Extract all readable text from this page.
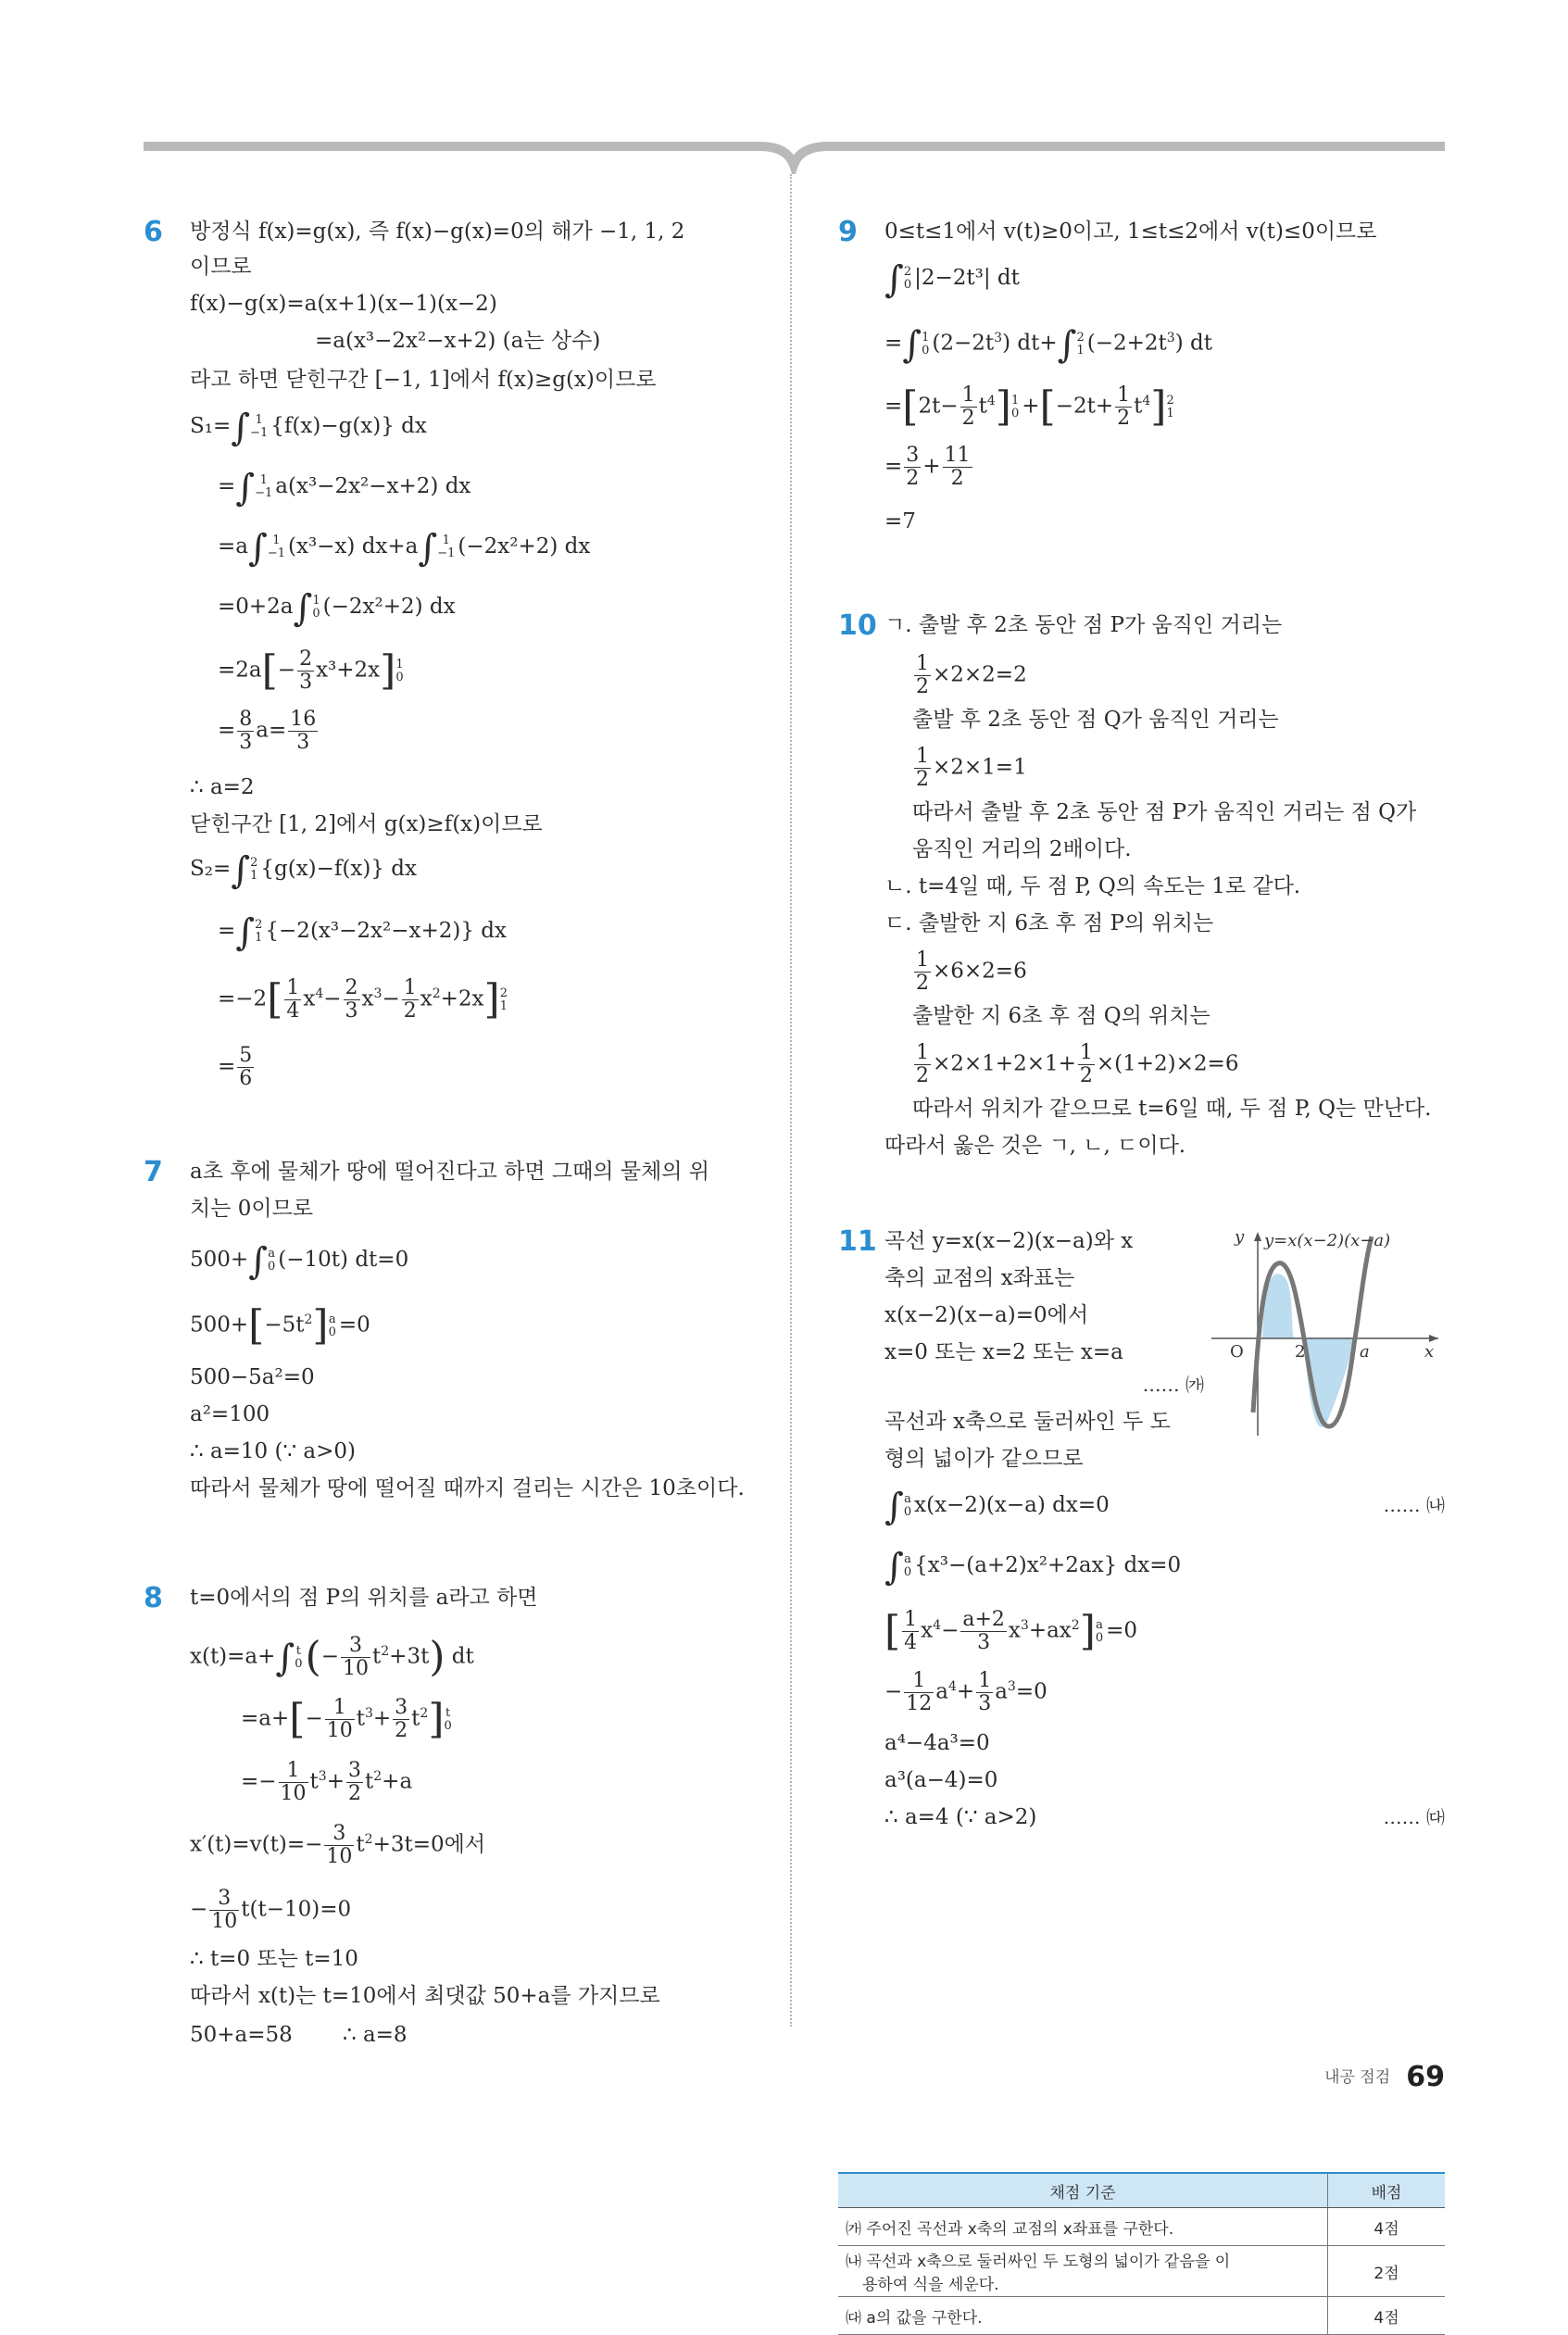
6 방정식 f(x)=g(x), 즉 f(x)−g(x)=0의 해가 −1, 1, 2
이므로
f(x)−g(x)=a(x+1)(x−1)(x−2)
=a(x³−2x²−x+2) (a는 상수)
라고 하면 닫힌구간 [−1, 1]에서 f(x)≥g(x)이므로
S₁=∫ 1
−1 {f(x)−g(x)} dx
=∫ 1
−1 a(x³−2x²−x+2) dx
=a∫ 1
−1 (x³−x) dx+a∫ 1
−1 (−2x²+2) dx
=0+2a∫1
0 (−2x²+2) dx
$=2a[- \frac{2}{3} x^3+2x]1$
0
= $\frac{8}{3} a= \frac{16}{3}$
∴ a=2
닫힌구간 [1, 2]에서 g(x)≥f(x)이므로
S₂=∫2
1 {g(x)−f(x)} dx
=∫2
1 {−2(x³−2x²−x+2)} dx
$=-2[ \frac{1}{4} x^4- \frac{2}{3} x^3- \frac{1}{2} x^2+2x]2$
1
= $\frac{5}{6}$
7 a초 후에 물체가 땅에 떨어진다고 하면 그때의 물체의 위
치는 0이므로
500+∫a
0 (−10t) dt=0
$500+[-5t^2]a$
0 =0
500−5a²=0
a²=100
∴ a=10 (∵ a>0)
따라서 물체가 땅에 떨어질 때까지 걸리는 시간은 10초이다.
8 t=0에서의 점 P의 위치를 a라고 하면
x(t)=a+∫ t
$0(- \frac{3}{10} t^2+3t)$ dt
$=a+[- \frac{1}{10} t^3+ \frac{3}{2} t^2]$ t
0
=− $\frac{1}{10} t^3+ \frac{3}{2} t^2+a$
$x'(t)=v(t)=- \frac{3}{10} t^2+3t=0$에서
− $\frac{3}{10} t(t-10)=0$
∴ t=0 또는 t=10
따라서 x(t)는 t=10에서 최댓값 50+a를 가지므로
50+a=58 ∴ a=8
9 0≤t≤1에서 v(t)≥0이고, 1≤t≤2에서 v(t)≤0이므로
∫2
0 |2−2t³| dt
=∫1
0 $(2-2t^3)$ dt+∫2
1 $(-2+2t^3)$ dt
$=[2t- \frac{1}{2} t^4]1$
$0 +[-2t+ \frac{1}{2} t^4]2$
1
= $\frac{3}{2} + \frac{11}{2}$
=7
10 ㄱ. 출발 후 2초 동안 점 P가 움직인 거리는
$\frac{1}{2} \times 2\times 2=2$
출발 후 2초 동안 점 Q가 움직인 거리는
$\frac{1}{2} \times 2\times 1=1$
따라서 출발 후 2초 동안 점 P가 움직인 거리는 점 Q가
움직인 거리의 2배이다.
ㄴ. t=4일 때, 두 점 P, Q의 속도는 1로 같다.
ㄷ. 출발한 지 6초 후 점 P의 위치는
$\frac{1}{2} \times 6\times 2=6$
출발한 지 6초 후 점 Q의 위치는
$\frac{1}{2} \times 2\times 1+2\times 1+ \frac{1}{2} \times(1+2)\times 2=6$
따라서 위치가 같으므로 t=6일 때, 두 점 P, Q는 만난다.
따라서 옳은 것은 ㄱ, ㄴ, ㄷ이다.
11 곡선 y=x(x−2)(x−a)와 x
축의 교점의 x좌표는
x(x−2)(x−a)=0에서
x=0 또는 x=2 또는 x=a
…… ㈎
곡선과 x축으로 둘러싸인 두 도
형의 넓이가 같으므로
∫a
0 x(x−2)(x−a) dx=0	…… ㈏
∫a
0 {x³−(a+2)x²+2ax} dx=0
[ $\frac{1}{4} x^4- \frac{a+2}{3} x^3+ax^2]a$
0 =0
− $\frac{1}{12} a^4+ \frac{1}{3} a^3=0$
a⁴−4a³=0
a³(a−4)=0
∴ a=4 (∵ a>2)	…… ㈐
y y=x(x−2)(x−a)
O	2	a	x
채점 기준	배점
㈎ 주어진 곡선과 x축의 교점의 x좌표를 구한다.	4점

㈏ 곡선과 x축으로 둘러싸인 두 도형의 넓이가 같음을 이
용하여 식을 세운다.	2점
㈐ a의 값을 구한다.	4점
내공 점검 69
